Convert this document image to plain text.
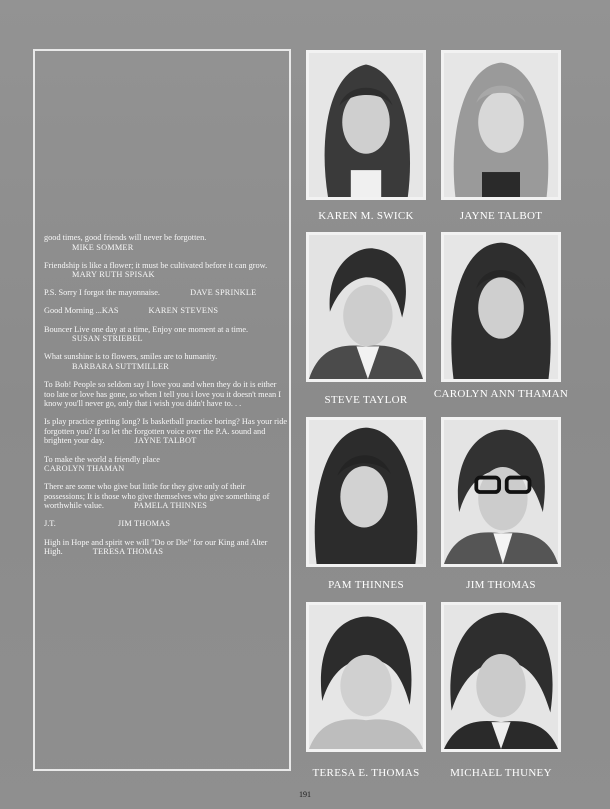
good times, good friends will never be forgotten.
MIKE SOMMER
Friendship is like a flower; it must be cultivated before it can grow. MARY RUTH SPISAK
P.S. Sorry I forgot the mayonnaise.	DAVE SPRINKLE
Good Morning ...KAS	KAREN STEVENS
Bouncer Live one day at a time, Enjoy one moment at a time. SUSAN STRIEBEL
What sunshine is to flowers, smiles are to humanity.
BARBARA SUTTMILLER
To Bob! People so seldom say I love you and when they do it is either too late or love has gone, so when I tell you i love you it doesn't mean I know you'll never go, only that i wish you didn't have to. . .
Is play practice getting long? Is basketball practice boring? Has your ride forgotten you? If so let the forgotten voice over the P.A. sound and brighten your day.	JAYNE TALBOT
To make the world a friendly place
CAROLYN THAMAN
There are some who give but little for they give only of their possessions; It is those who give themselves who give something of worthwhile value.	PAMELA THINNES
J.T.	JIM THOMAS
High in Hope and spirit we will "Do or Die" for our King and Alter High.	TERESA THOMAS
KAREN M. SWICK	JAYNE TALBOT
STEVE TAYLOR	CAROLYN ANN THAMAN
PAM THINNES	JIM THOMAS
TERESA E. THOMAS	MICHAEL THUNEY
191
